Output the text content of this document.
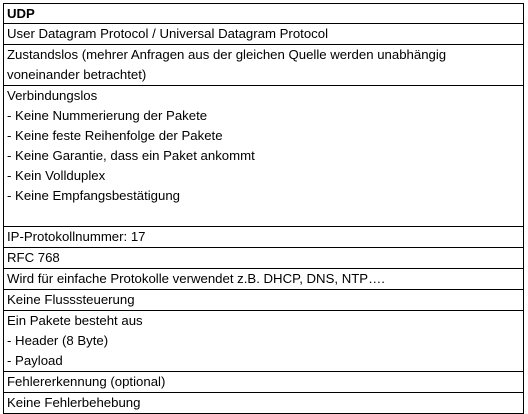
UDP
User Datagram Protocol / Universal Datagram Protocol
Zustandslos (mehrer Anfragen aus der gleichen Quelle werden unabhängig
voneinander betrachtet)
Verbindungslos
- Keine Nummerierung der Pakete
- Keine feste Reihenfolge der Pakete
- Keine Garantie, dass ein Paket ankommt
- Kein Vollduplex
- Keine Empfangsbestätigung
IP-Protokollnummer: 17
RFC 768
Wird für einfache Protokolle verwendet z.B. DHCP, DNS, NTP….
Keine Flusssteuerung
Ein Pakete besteht aus
- Header (8 Byte)
- Payload
Fehlererkennung (optional)
Keine Fehlerbehebung
